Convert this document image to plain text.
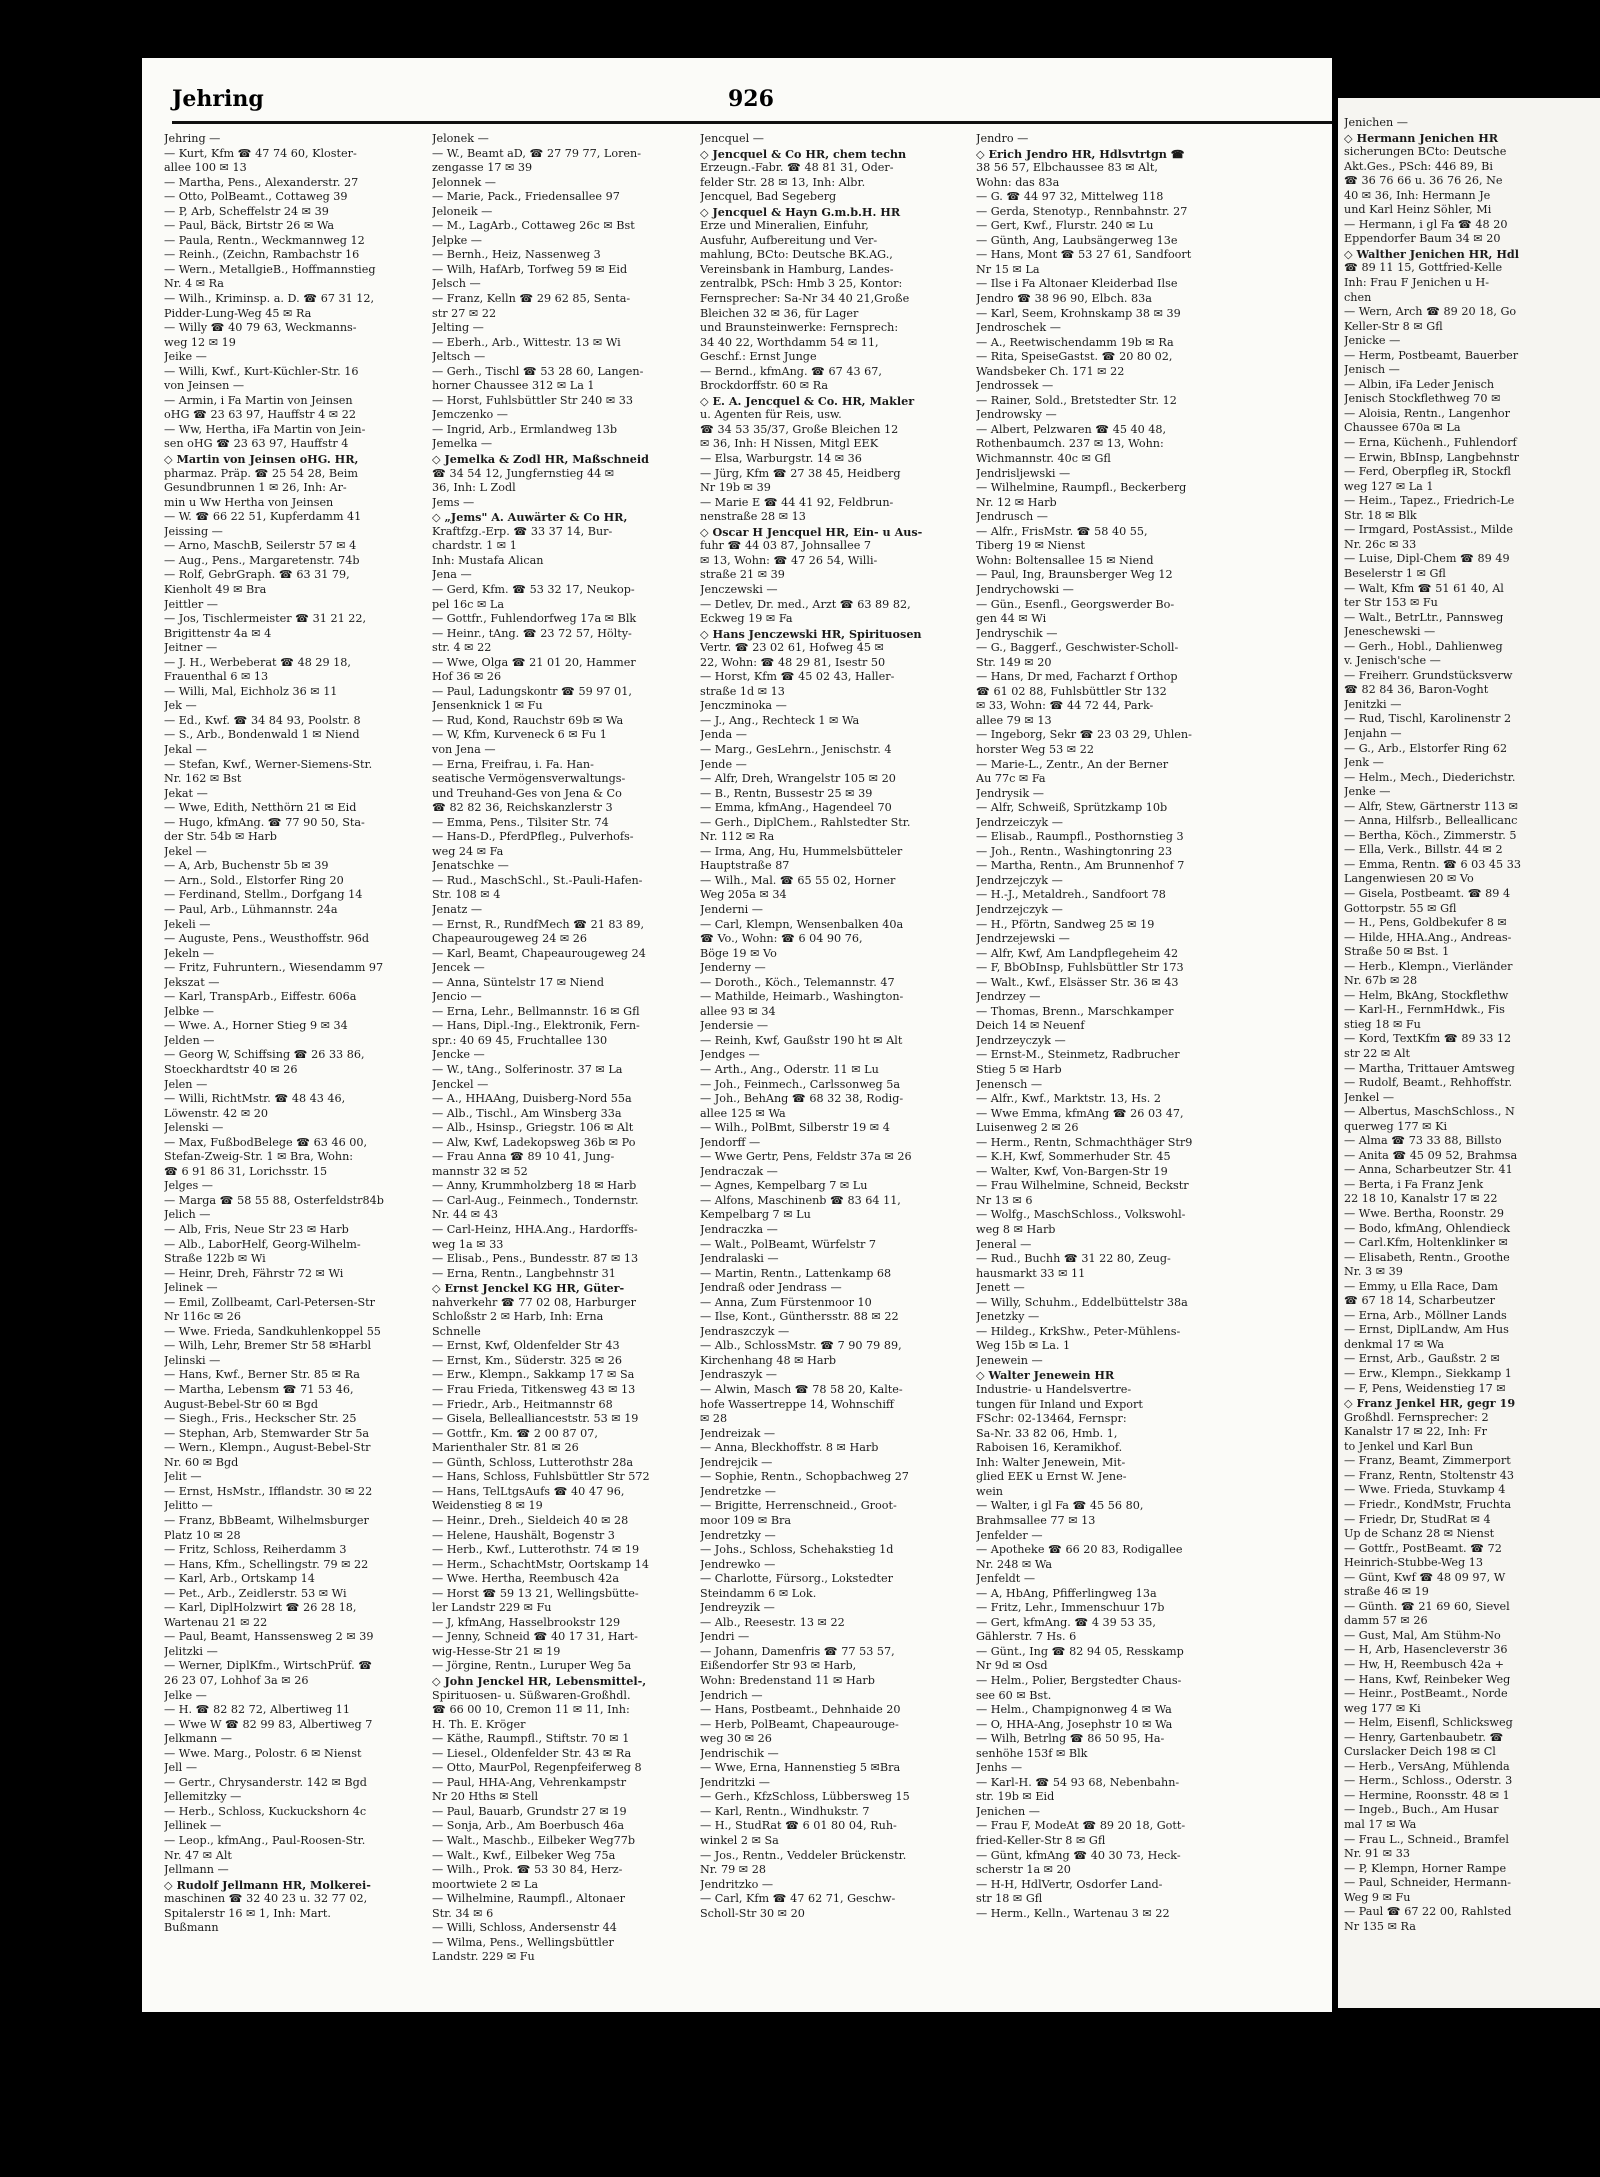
Jehring	926
Jehring —
— Kurt, Kfm ☎ 47 74 60, Kloster-
allee 100 ✉ 13
— Martha, Pens., Alexanderstr. 27
— Otto, PolBeamt., Cottaweg 39
— P, Arb, Scheffelstr 24 ✉ 39
— Paul, Bäck, Birtstr 26 ✉ Wa
— Paula, Rentn., Weckmannweg 12
— Reinh., (Zeichn, Rambachstr 16
— Wern., MetallgieB., Hoffmannstieg
Nr. 4 ✉ Ra
— Wilh., Kriminsp. a. D. ☎ 67 31 12,
Pidder-Lung-Weg 45 ✉ Ra
— Willy ☎ 40 79 63, Weckmanns-
weg 12 ✉ 19
Jeike —
— Willi, Kwf., Kurt-Küchler-Str. 16
von Jeinsen —
— Armin, i Fa Martin von Jeinsen
oHG ☎ 23 63 97, Hauffstr 4 ✉ 22
— Ww, Hertha, iFa Martin von Jein-
sen oHG ☎ 23 63 97, Hauffstr 4
◇ Martin von Jeinsen oHG. HR,
pharmaz. Präp. ☎ 25 54 28, Beim
Gesundbrunnen 1 ✉ 26, Inh: Ar-
min u Ww Hertha von Jeinsen
— W. ☎ 66 22 51, Kupferdamm 41
Jeissing —
— Arno, MaschB, Seilerstr 57 ✉ 4
— Aug., Pens., Margaretenstr. 74b
— Rolf, GebrGraph. ☎ 63 31 79,
Kienholt 49 ✉ Bra
Jeittler —
— Jos, Tischlermeister ☎ 31 21 22,
Brigittenstr 4a ✉ 4
Jeitner —
— J. H., Werbeberat ☎ 48 29 18,
Frauenthal 6 ✉ 13
— Willi, Mal, Eichholz 36 ✉ 11
Jek —
— Ed., Kwf. ☎ 34 84 93, Poolstr. 8
— S., Arb., Bondenwald 1 ✉ Niend
Jekal —
— Stefan, Kwf., Werner-Siemens-Str.
Nr. 162 ✉ Bst
Jekat —
— Wwe, Edith, Netthörn 21 ✉ Eid
— Hugo, kfmAng. ☎ 77 90 50, Sta-
der Str. 54b ✉ Harb
Jekel —
— A, Arb, Buchenstr 5b ✉ 39
— Arn., Sold., Elstorfer Ring 20
— Ferdinand, Stellm., Dorfgang 14
— Paul, Arb., Lühmannstr. 24a
Jekeli —
— Auguste, Pens., Weusthoffstr. 96d
Jekeln —
— Fritz, Fuhruntern., Wiesendamm 97
Jekszat —
— Karl, TranspArb., Eiffestr. 606a
Jelbke —
— Wwe. A., Horner Stieg 9 ✉ 34
Jelden —
— Georg W, Schiffsing ☎ 26 33 86,
Stoeckhardtstr 40 ✉ 26
Jelen —
— Willi, RichtMstr. ☎ 48 43 46,
Löwenstr. 42 ✉ 20
Jelenski —
— Max, FußbodBelege ☎ 63 46 00,
Stefan-Zweig-Str. 1 ✉ Bra, Wohn:
☎ 6 91 86 31, Lorichsstr. 15
Jelges —
— Marga ☎ 58 55 88, Osterfeldstr84b
Jelich —
— Alb, Fris, Neue Str 23 ✉ Harb
— Alb., LaborHelf, Georg-Wilhelm-
Straße 122b ✉ Wi
— Heinr, Dreh, Fährstr 72 ✉ Wi
Jelinek —
— Emil, Zollbeamt, Carl-Petersen-Str
Nr 116c ✉ 26
— Wwe. Frieda, Sandkuhlenkoppel 55
— Wilh, Lehr, Bremer Str 58 ✉Harbl
Jelinski —
— Hans, Kwf., Berner Str. 85 ✉ Ra
— Martha, Lebensm ☎ 71 53 46,
August-Bebel-Str 60 ✉ Bgd
— Siegh., Fris., Heckscher Str. 25
— Stephan, Arb, Stemwarder Str 5a
— Wern., Klempn., August-Bebel-Str
Nr. 60 ✉ Bgd
Jelit —
— Ernst, HsMstr., Ifflandstr. 30 ✉ 22
Jelitto —
— Franz, BbBeamt, Wilhelmsburger
Platz 10 ✉ 28
— Fritz, Schloss, Reiherdamm 3
— Hans, Kfm., Schellingstr. 79 ✉ 22
— Karl, Arb., Ortskamp 14
— Pet., Arb., Zeidlerstr. 53 ✉ Wi
— Karl, DiplHolzwirt ☎ 26 28 18,
Wartenau 21 ✉ 22
— Paul, Beamt, Hanssensweg 2 ✉ 39
Jelitzki —
— Werner, DiplKfm., WirtschPrüf. ☎
26 23 07, Lohhof 3a ✉ 26
Jelke —
— H. ☎ 82 82 72, Albertiweg 11
— Wwe W ☎ 82 99 83, Albertiweg 7
Jelkmann —
— Wwe. Marg., Polostr. 6 ✉ Nienst
Jell —
— Gertr., Chrysanderstr. 142 ✉ Bgd
Jellemitzky —
— Herb., Schloss, Kuckuckshorn 4c
Jellinek —
— Leop., kfmAng., Paul-Roosen-Str.
Nr. 47 ✉ Alt
Jellmann —
◇ Rudolf Jellmann HR, Molkerei-
maschinen ☎ 32 40 23 u. 32 77 02,
Spitalerstr 16 ✉ 1, Inh: Mart.
Bußmann
Jelonek —
— W., Beamt aD, ☎ 27 79 77, Loren-
zengasse 17 ✉ 39
Jelonnek —
— Marie, Pack., Friedensallee 97
Jeloneik —
— M., LagArb., Cottaweg 26c ✉ Bst
Jelpke —
— Bernh., Heiz, Nassenweg 3
— Wilh, HafArb, Torfweg 59 ✉ Eid
Jelsch —
— Franz, Kelln ☎ 29 62 85, Senta-
str 27 ✉ 22
Jelting —
— Eberh., Arb., Wittestr. 13 ✉ Wi
Jeltsch —
— Gerh., Tischl ☎ 53 28 60, Langen-
horner Chaussee 312 ✉ La 1
— Horst, Fuhlsbüttler Str 240 ✉ 33
Jemczenko —
— Ingrid, Arb., Ermlandweg 13b
Jemelka —
◇ Jemelka & Zodl HR, Maßschneid
☎ 34 54 12, Jungfernstieg 44 ✉
36, Inh: L Zodl
Jems —
◇ „Jems" A. Auwärter & Co HR,
Kraftfzg.-Erp. ☎ 33 37 14, Bur-
chardstr. 1 ✉ 1
Inh: Mustafa Alican
Jena —
— Gerd, Kfm. ☎ 53 32 17, Neukop-
pel 16c ✉ La
— Gottfr., Fuhlendorfweg 17a ✉ Blk
— Heinr., tAng. ☎ 23 72 57, Hölty-
str. 4 ✉ 22
— Wwe, Olga ☎ 21 01 20, Hammer
Hof 36 ✉ 26
— Paul, Ladungskontr ☎ 59 97 01,
Jensenknick 1 ✉ Fu
— Rud, Kond, Rauchstr 69b ✉ Wa
— W, Kfm, Kurveneck 6 ✉ Fu 1
von Jena —
— Erna, Freifrau, i. Fa. Han-
seatische Vermögensverwaltungs-
und Treuhand-Ges von Jena & Co
☎ 82 82 36, Reichskanzlerstr 3
— Emma, Pens., Tilsiter Str. 74
— Hans-D., PferdPfleg., Pulverhofs-
weg 24 ✉ Fa
Jenatschke —
— Rud., MaschSchl., St.-Pauli-Hafen-
Str. 108 ✉ 4
Jenatz —
— Ernst, R., RundfMech ☎ 21 83 89,
Chapeaurougeweg 24 ✉ 26
— Karl, Beamt, Chapeaurougeweg 24
Jencek —
— Anna, Süntelstr 17 ✉ Niend
Jencio —
— Erna, Lehr., Bellmannstr. 16 ✉ Gfl
— Hans, Dipl.-Ing., Elektronik, Fern-
spr.: 40 69 45, Fruchtallee 130
Jencke —
— W., tAng., Solferinostr. 37 ✉ La
Jenckel —
— A., HHAAng, Duisberg-Nord 55a
— Alb., Tischl., Am Winsberg 33a
— Alb., Hsinsp., Griegstr. 106 ✉ Alt
— Alw, Kwf, Ladekopsweg 36b ✉ Po
— Frau Anna ☎ 89 10 41, Jung-
mannstr 32 ✉ 52
— Anny, Krummholzberg 18 ✉ Harb
— Carl-Aug., Feinmech., Tondernstr.
Nr. 44 ✉ 43
— Carl-Heinz, HHA.Ang., Hardorffs-
weg 1a ✉ 33
— Elisab., Pens., Bundesstr. 87 ✉ 13
— Erna, Rentn., Langbehnstr 31
◇ Ernst Jenckel KG HR, Güter-
nahverkehr ☎ 77 02 08, Harburger
Schloßstr 2 ✉ Harb, Inh: Erna
Schnelle
— Ernst, Kwf, Oldenfelder Str 43
— Ernst, Km., Süderstr. 325 ✉ 26
— Erw., Klempn., Sakkamp 17 ✉ Sa
— Frau Frieda, Titkensweg 43 ✉ 13
— Friedr., Arb., Heitmannstr 68
— Gisela, Belleallianceststr. 53 ✉ 19
— Gottfr., Km. ☎ 2 00 87 07,
Marienthaler Str. 81 ✉ 26
— Günth, Schloss, Lutterothstr 28a
— Hans, Schloss, Fuhlsbüttler Str 572
— Hans, TelLtgsAufs ☎ 40 47 96,
Weidenstieg 8 ✉ 19
— Heinr., Dreh., Sieldeich 40 ✉ 28
— Helene, Haushält, Bogenstr 3
— Herb., Kwf., Lutterothstr. 74 ✉ 19
— Herm., SchachtMstr, Oortskamp 14
— Wwe. Hertha, Reembusch 42a
— Horst ☎ 59 13 21, Wellingsbütte-
ler Landstr 229 ✉ Fu
— J, kfmAng, Hasselbrookstr 129
— Jenny, Schneid ☎ 40 17 31, Hart-
wig-Hesse-Str 21 ✉ 19
— Jörgine, Rentn., Luruper Weg 5a
◇ John Jenckel HR, Lebensmittel-,
Spirituosen- u. Süßwaren-Großhdl.
☎ 66 00 10, Cremon 11 ✉ 11, Inh:
H. Th. E. Kröger
— Käthe, Raumpfl., Stiftstr. 70 ✉ 1
— Liesel., Oldenfelder Str. 43 ✉ Ra
— Otto, MaurPol, Regenpfeiferweg 8
— Paul, HHA-Ang, Vehrenkampstr
Nr 20 Hths ✉ Stell
— Paul, Bauarb, Grundstr 27 ✉ 19
— Sonja, Arb., Am Boerbusch 46a
— Walt., Maschb., Eilbeker Weg77b
— Walt., Kwf., Eilbeker Weg 75a
— Wilh., Prok. ☎ 53 30 84, Herz-
moortwiete 2 ✉ La
— Wilhelmine, Raumpfl., Altonaer
Str. 34 ✉ 6
— Willi, Schloss, Andersenstr 44
— Wilma, Pens., Wellingsbüttler
Landstr. 229 ✉ Fu
Jencquel —
◇ Jencquel & Co HR, chem techn
Erzeugn.-Fabr. ☎ 48 81 31, Oder-
felder Str. 28 ✉ 13, Inh: Albr.
Jencquel, Bad Segeberg
◇ Jencquel & Hayn G.m.b.H. HR
Erze und Mineralien, Einfuhr,
Ausfuhr, Aufbereitung und Ver-
mahlung, BCto: Deutsche BK.AG.,
Vereinsbank in Hamburg, Landes-
zentralbk, PSch: Hmb 3 25, Kontor:
Fernsprecher: Sa-Nr 34 40 21,Große
Bleichen 32 ✉ 36, für Lager
und Braunsteinwerke: Fernsprech:
34 40 22, Worthdamm 54 ✉ 11,
Geschf.: Ernst Junge
— Bernd., kfmAng. ☎ 67 43 67,
Brockdorffstr. 60 ✉ Ra
◇ E. A. Jencquel & Co. HR, Makler
u. Agenten für Reis, usw.
☎ 34 53 35/37, Große Bleichen 12
✉ 36, Inh: H Nissen, Mitgl EEK
— Elsa, Warburgstr. 14 ✉ 36
— Jürg, Kfm ☎ 27 38 45, Heidberg
Nr 19b ✉ 39
— Marie E ☎ 44 41 92, Feldbrun-
nenstraße 28 ✉ 13
◇ Oscar H Jencquel HR, Ein- u Aus-
fuhr ☎ 44 03 87, Johnsallee 7
✉ 13, Wohn: ☎ 47 26 54, Willi-
straße 21 ✉ 39
Jenczewski —
— Detlev, Dr. med., Arzt ☎ 63 89 82,
Eckweg 19 ✉ Fa
◇ Hans Jenczewski HR, Spirituosen
Vertr. ☎ 23 02 61, Hofweg 45 ✉
22, Wohn: ☎ 48 29 81, Isestr 50
— Horst, Kfm ☎ 45 02 43, Haller-
straße 1d ✉ 13
Jenczminoka —
— J., Ang., Rechteck 1 ✉ Wa
Jenda —
— Marg., GesLehrn., Jenischstr. 4
Jende —
— Alfr, Dreh, Wrangelstr 105 ✉ 20
— B., Rentn, Bussestr 25 ✉ 39
— Emma, kfmAng., Hagendeel 70
— Gerh., DiplChem., Rahlstedter Str.
Nr. 112 ✉ Ra
— Irma, Ang, Hu, Hummelsbütteler
Hauptstraße 87
— Wilh., Mal. ☎ 65 55 02, Horner
Weg 205a ✉ 34
Jenderni —
— Carl, Klempn, Wensenbalken 40a
☎ Vo., Wohn: ☎ 6 04 90 76,
Böge 19 ✉ Vo
Jenderny —
— Doroth., Köch., Telemannstr. 47
— Mathilde, Heimarb., Washington-
allee 93 ✉ 34
Jendersie —
— Reinh, Kwf, Gaußstr 190 ht ✉ Alt
Jendges —
— Arth., Ang., Oderstr. 11 ✉ Lu
— Joh., Feinmech., Carlssonweg 5a
— Joh., BehAng ☎ 68 32 38, Rodig-
allee 125 ✉ Wa
— Wilh., PolBmt, Silberstr 19 ✉ 4
Jendorff —
— Wwe Gertr, Pens, Feldstr 37a ✉ 26
Jendraczak —
— Agnes, Kempelbarg 7 ✉ Lu
— Alfons, Maschinenb ☎ 83 64 11,
Kempelbarg 7 ✉ Lu
Jendraczka —
— Walt., PolBeamt, Würfelstr 7
Jendralaski —
— Martin, Rentn., Lattenkamp 68
Jendraß oder Jendrass —
— Anna, Zum Fürstenmoor 10
— Ilse, Kont., Günthersstr. 88 ✉ 22
Jendraszczyk —
— Alb., SchlossMstr. ☎ 7 90 79 89,
Kirchenhang 48 ✉ Harb
Jendraszyk —
— Alwin, Masch ☎ 78 58 20, Kalte-
hofe Wassertreppe 14, Wohnschiff
✉ 28
Jendreizak —
— Anna, Bleckhoffstr. 8 ✉ Harb
Jendrejcik —
— Sophie, Rentn., Schopbachweg 27
Jendretzke —
— Brigitte, Herrenschneid., Groot-
moor 109 ✉ Bra
Jendretzky —
— Johs., Schloss, Schehakstieg 1d
Jendrewko —
— Charlotte, Fürsorg., Lokstedter
Steindamm 6 ✉ Lok.
Jendreyzik —
— Alb., Reesestr. 13 ✉ 22
Jendri —
— Johann, Damenfris ☎ 77 53 57,
Eißendorfer Str 93 ✉ Harb,
Wohn: Bredenstand 11 ✉ Harb
Jendrich —
— Hans, Postbeamt., Dehnhaide 20
— Herb, PolBeamt, Chapeaurouge-
weg 30 ✉ 26
Jendrischik —
— Wwe, Erna, Hannenstieg 5 ✉Bra
Jendritzki —
— Gerh., KfzSchloss, Lübbersweg 15
— Karl, Rentn., Windhukstr. 7
— H., StudRat ☎ 6 01 80 04, Ruh-
winkel 2 ✉ Sa
— Jos., Rentn., Veddeler Brückenstr.
Nr. 79 ✉ 28
Jendritzko —
— Carl, Kfm ☎ 47 62 71, Geschw-
Scholl-Str 30 ✉ 20
Jendro —
◇ Erich Jendro HR, Hdlsvtrtgn ☎
38 56 57, Elbchaussee 83 ✉ Alt,
Wohn: das 83a
— G. ☎ 44 97 32, Mittelweg 118
— Gerda, Stenotyp., Rennbahnstr. 27
— Gert, Kwf., Flurstr. 240 ✉ Lu
— Günth, Ang, Laubsängerweg 13e
— Hans, Mont ☎ 53 27 61, Sandfoort
Nr 15 ✉ La
— Ilse i Fa Altonaer Kleiderbad Ilse
Jendro ☎ 38 96 90, Elbch. 83a
— Karl, Seem, Krohnskamp 38 ✉ 39
Jendroschek —
— A., Reetwischendamm 19b ✉ Ra
— Rita, SpeiseGastst. ☎ 20 80 02,
Wandsbeker Ch. 171 ✉ 22
Jendrossek —
— Rainer, Sold., Bretstedter Str. 12
Jendrowsky —
— Albert, Pelzwaren ☎ 45 40 48,
Rothenbaumch. 237 ✉ 13, Wohn:
Wichmannstr. 40c ✉ Gfl
Jendrisljewski —
— Wilhelmine, Raumpfl., Beckerberg
Nr. 12 ✉ Harb
Jendrusch —
— Alfr., FrisMstr. ☎ 58 40 55,
Tiberg 19 ✉ Nienst
Wohn: Boltensallee 15 ✉ Niend
— Paul, Ing, Braunsberger Weg 12
Jendrychowski —
— Gün., Esenfl., Georgswerder Bo-
gen 44 ✉ Wi
Jendryschik —
— G., Baggerf., Geschwister-Scholl-
Str. 149 ✉ 20
— Hans, Dr med, Facharzt f Orthop
☎ 61 02 88, Fuhlsbüttler Str 132
✉ 33, Wohn: ☎ 44 72 44, Park-
allee 79 ✉ 13
— Ingeborg, Sekr ☎ 23 03 29, Uhlen-
horster Weg 53 ✉ 22
— Marie-L., Zentr., An der Berner
Au 77c ✉ Fa
Jendrysik —
— Alfr, Schweiß, Sprützkamp 10b
Jendrzeiczyk —
— Elisab., Raumpfl., Posthornstieg 3
— Joh., Rentn., Washingtonring 23
— Martha, Rentn., Am Brunnenhof 7
Jendrzejczyk —
— H.-J., Metaldreh., Sandfoort 78
Jendrzejczyk —
— H., Pförtn, Sandweg 25 ✉ 19
Jendrzejewski —
— Alfr, Kwf, Am Landpflegeheim 42
— F, BbObInsp, Fuhlsbüttler Str 173
— Walt., Kwf., Elsässer Str. 36 ✉ 43
Jendrzey —
— Thomas, Brenn., Marschkamper
Deich 14 ✉ Neuenf
Jendrzeyczyk —
— Ernst-M., Steinmetz, Radbrucher
Stieg 5 ✉ Harb
Jenensch —
— Alfr., Kwf., Marktstr. 13, Hs. 2
— Wwe Emma, kfmAng ☎ 26 03 47,
Luisenweg 2 ✉ 26
— Herm., Rentn, Schmachthäger Str9
— K.H, Kwf, Sommerhuder Str. 45
— Walter, Kwf, Von-Bargen-Str 19
— Frau Wilhelmine, Schneid, Beckstr
Nr 13 ✉ 6
— Wolfg., MaschSchloss., Volkswohl-
weg 8 ✉ Harb
Jeneral —
— Rud., Buchh ☎ 31 22 80, Zeug-
hausmarkt 33 ✉ 11
Jenett —
— Willy, Schuhm., Eddelbüttelstr 38a
Jenetzky —
— Hildeg., KrkShw., Peter-Mühlens-
Weg 15b ✉ La. 1
Jenewein —
◇ Walter Jenewein HR
Industrie- u Handelsvertre-
tungen für Inland und Export
FSchr: 02-13464, Fernspr:
Sa-Nr. 33 82 06, Hmb. 1,
Raboisen 16, Keramikhof.
Inh: Walter Jenewein, Mit-
glied EEK u Ernst W. Jene-
wein
— Walter, i gl Fa ☎ 45 56 80,
Brahmsallee 77 ✉ 13
Jenfelder —
— Apotheke ☎ 66 20 83, Rodigallee
Nr. 248 ✉ Wa
Jenfeldt —
— A, HbAng, Pfifferlingweg 13a
— Fritz, Lehr., Immenschuur 17b
— Gert, kfmAng. ☎ 4 39 53 35,
Gählerstr. 7 Hs. 6
— Günt., Ing ☎ 82 94 05, Resskamp
Nr 9d ✉ Osd
— Helm., Polier, Bergstedter Chaus-
see 60 ✉ Bst.
— Helm., Champignonweg 4 ✉ Wa
— O, HHA-Ang, Josephstr 10 ✉ Wa
— Wilh, Betrlng ☎ 86 50 95, Ha-
senhöhe 153f ✉ Blk
Jenhs —
— Karl-H. ☎ 54 93 68, Nebenbahn-
str. 19b ✉ Eid
Jenichen —
— Frau F, ModeAt ☎ 89 20 18, Gott-
fried-Keller-Str 8 ✉ Gfl
— Günt, kfmAng ☎ 40 30 73, Heck-
scherstr 1a ✉ 20
— H-H, HdlVertr, Osdorfer Land-
str 18 ✉ Gfl
— Herm., Kelln., Wartenau 3 ✉ 22
Jenichen —
◇ Hermann Jenichen HR
sicherungen BCto: Deutsche
Akt.Ges., PSch: 446 89, Bi
☎ 36 76 66 u. 36 76 26, Ne
40 ✉ 36, Inh: Hermann Je
und Karl Heinz Söhler, Mi
— Hermann, i gl Fa ☎ 48 20
Eppendorfer Baum 34 ✉ 20
◇ Walther Jenichen HR, Hdl
☎ 89 11 15, Gottfried-Kelle
Inh: Frau F Jenichen u H-
chen
— Wern, Arch ☎ 89 20 18, Go
Keller-Str 8 ✉ Gfl
Jenicke —
— Herm, Postbeamt, Bauerber
Jenisch —
— Albin, iFa Leder Jenisch
Jenisch Stockflethweg 70 ✉
— Aloisia, Rentn., Langenhor
Chaussee 670a ✉ La
— Erna, Küchenh., Fuhlendorf
— Erwin, BbInsp, Langbehnstr
— Ferd, Oberpfleg iR, Stockfl
weg 127 ✉ La 1
— Heim., Tapez., Friedrich-Le
Str. 18 ✉ Blk
— Irmgard, PostAssist., Milde
Nr. 26c ✉ 33
— Luise, Dipl-Chem ☎ 89 49
Beselerstr 1 ✉ Gfl
— Walt, Kfm ☎ 51 61 40, Al
ter Str 153 ✉ Fu
— Walt., BetrLtr., Pannsweg
Jeneschewski —
— Gerh., Hobl., Dahlienweg
v. Jenisch'sche —
— Freiherr. Grundstücksverw
☎ 82 84 36, Baron-Voght
Jenitzki —
— Rud, Tischl, Karolinenstr 2
Jenjahn —
— G., Arb., Elstorfer Ring 62
Jenk —
— Helm., Mech., Diederichstr.
Jenke —
— Alfr, Stew, Gärtnerstr 113 ✉
— Anna, Hilfsrb., Belleallicanc
— Bertha, Köch., Zimmerstr. 5
— Ella, Verk., Billstr. 44 ✉ 2
— Emma, Rentn. ☎ 6 03 45 33
Langenwiesen 20 ✉ Vo
— Gisela, Postbeamt. ☎ 89 4
Gottorpstr. 55 ✉ Gfl
— H., Pens, Goldbekufer 8 ✉
— Hilde, HHA.Ang., Andreas-
Straße 50 ✉ Bst. 1
— Herb., Klempn., Vierländer
Nr. 67b ✉ 28
— Helm, BkAng, Stockflethw
— Karl-H., FernmHdwk., Fis
stieg 18 ✉ Fu
— Kord, TextKfm ☎ 89 33 12
str 22 ✉ Alt
— Martha, Trittauer Amtsweg
— Rudolf, Beamt., Rehhoffstr.
Jenkel —
— Albertus, MaschSchloss., N
querweg 177 ✉ Ki
— Alma ☎ 73 33 88, Billsto
— Anita ☎ 45 09 52, Brahmsa
— Anna, Scharbeutzer Str. 41
— Berta, i Fa Franz Jenk
22 18 10, Kanalstr 17 ✉ 22
— Wwe. Bertha, Roonstr. 29
— Bodo, kfmAng, Ohlendieck
— Carl.Kfm, Holtenklinker ✉
— Elisabeth, Rentn., Groothe
Nr. 3 ✉ 39
— Emmy, u Ella Race, Dam
☎ 67 18 14, Scharbeutzer
— Erna, Arb., Möllner Lands
— Ernst, DiplLandw, Am Hus
denkmal 17 ✉ Wa
— Ernst, Arb., Gaußstr. 2 ✉
— Erw., Klempn., Siekkamp 1
— F, Pens, Weidenstieg 17 ✉
◇ Franz Jenkel HR, gegr 19
Großhdl. Fernsprecher: 2
Kanalstr 17 ✉ 22, Inh: Fr
to Jenkel und Karl Bun
— Franz, Beamt, Zimmerport
— Franz, Rentn, Stoltenstr 43
— Wwe. Frieda, Stuvkamp 4
— Friedr., KondMstr, Fruchta
— Friedr, Dr, StudRat ✉ 4
Up de Schanz 28 ✉ Nienst
— Gottfr., PostBeamt. ☎ 72
Heinrich-Stubbe-Weg 13
— Günt, Kwf ☎ 48 09 97, W
straße 46 ✉ 19
— Günth. ☎ 21 69 60, Sievel
damm 57 ✉ 26
— Gust, Mal, Am Stühm-No
— H, Arb, Hasencleverstr 36
— Hw, H, Reembusch 42a +
— Hans, Kwf, Reinbeker Weg
— Heinr., PostBeamt., Norde
weg 177 ✉ Ki
— Helm, Eisenfl, Schlicksweg
— Henry, Gartenbaubetr. ☎
Curslacker Deich 198 ✉ Cl
— Herb., VersAng, Mühlenda
— Herm., Schloss., Oderstr. 3
— Hermine, Roonsstr. 48 ✉ 1
— Ingeb., Buch., Am Husar
mal 17 ✉ Wa
— Frau L., Schneid., Bramfel
Nr. 91 ✉ 33
— P, Klempn, Horner Rampe
— Paul, Schneider, Hermann-
Weg 9 ✉ Fu
— Paul ☎ 67 22 00, Rahlsted
Nr 135 ✉ Ra
